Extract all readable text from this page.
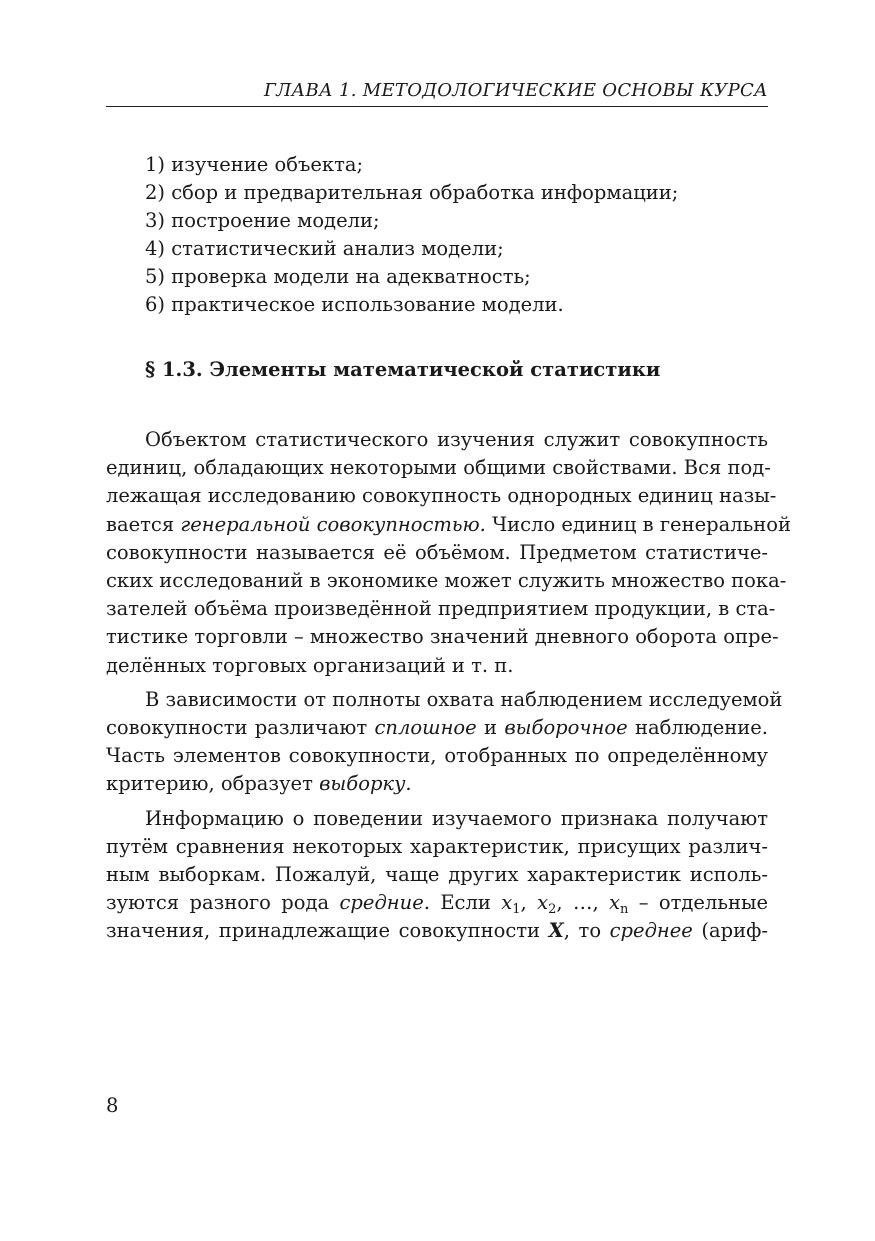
ГЛАВА 1. МЕТОДОЛОГИЧЕСКИЕ ОСНОВЫ КУРСА
1) изучение объекта;
2) сбор и предварительная обработка информации;
3) построение модели;
4) статистический анализ модели;
5) проверка модели на адекватность;
6) практическое использование модели.
§ 1.3. Элементы математической статистики
Объектом статистического изучения служит совокупность
единиц, обладающих некоторыми общими свойствами. Вся под-
лежащая исследованию совокупность однородных единиц назы-
вается генеральной совокупностью. Число единиц в генеральной
совокупности называется её объёмом. Предметом статистиче-
ских исследований в экономике может служить множество пока-
зателей объёма произведённой предприятием продукции, в ста-
тистике торговли – множество значений дневного оборота опре-
делённых торговых организаций и т. п.
В зависимости от полноты охвата наблюдением исследуемой
совокупности различают сплошное и выборочное наблюдение.
Часть элементов совокупности, отобранных по определённому
критерию, образует выборку.
Информацию о поведении изучаемого признака получают
путём сравнения некоторых характеристик, присущих различ-
ным выборкам. Пожалуй, чаще других характеристик исполь-
зуются разного рода средние. Если $x_1$, $x_2$, …, $x_n$ – отдельные
значения, принадлежащие совокупности X, то среднее (ариф-
8
